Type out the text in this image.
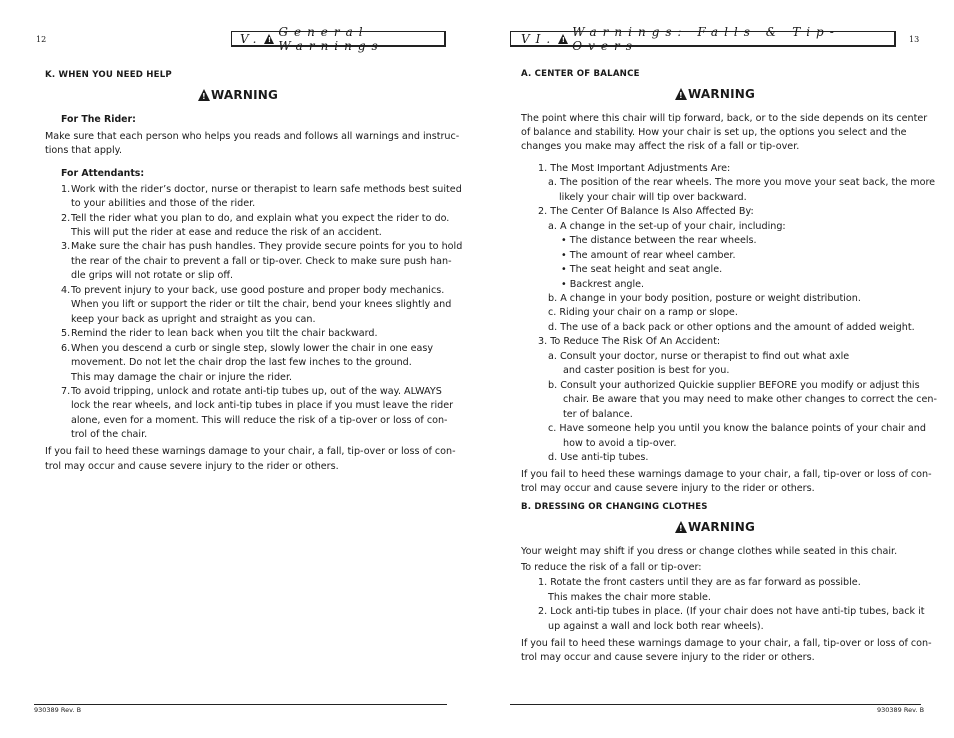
12	V. ! General Warnings
K. WHEN YOU NEED HELP
!
WARNING
For The Rider:
Make sure that each person who helps you reads and follows all warnings and instruc-
tions that apply.
For Attendants:
1. Work with the rider’s doctor, nurse or therapist to learn safe methods best suited
to your abilities and those of the rider.
2. Tell the rider what you plan to do, and explain what you expect the rider to do.
This will put the rider at ease and reduce the risk of an accident.
3. Make sure the chair has push handles. They provide secure points for you to hold
the rear of the chair to prevent a fall or tip-over. Check to make sure push han-
dle grips will not rotate or slip off.
4. To prevent injury to your back, use good posture and proper body mechanics.
When you lift or support the rider or tilt the chair, bend your knees slightly and
keep your back as upright and straight as you can.
5. Remind the rider to lean back when you tilt the chair backward.
6. When you descend a curb or single step, slowly lower the chair in one easy
movement. Do not let the chair drop the last few inches to the ground.
This may damage the chair or injure the rider.
7. To avoid tripping, unlock and rotate anti-tip tubes up, out of the way. ALWAYS
lock the rear wheels, and lock anti-tip tubes in place if you must leave the rider
alone, even for a moment. This will reduce the risk of a tip-over or loss of con-
trol of the chair.
If you fail to heed these warnings damage to your chair, a fall, tip-over or loss of con-
trol may occur and cause severe injury to the rider or others.
930389 Rev. B
VI. ! Warnings: Falls & Tip-Overs	13
A. CENTER OF BALANCE
!
WARNING
The point where this chair will tip forward, back, or to the side depends on its center
of balance and stability. How your chair is set up, the options you select and the
changes you make may affect the risk of a fall or tip-over.
1. The Most Important Adjustments Are:
a. The position of the rear wheels. The more you move your seat back, the more
likely your chair will tip over backward.
2. The Center Of Balance Is Also Affected By:
a. A change in the set-up of your chair, including:
• The distance between the rear wheels.
• The amount of rear wheel camber.
• The seat height and seat angle.
• Backrest angle.
b. A change in your body position, posture or weight distribution.
c. Riding your chair on a ramp or slope.
d. The use of a back pack or other options and the amount of added weight.
3. To Reduce The Risk Of An Accident:
a. Consult your doctor, nurse or therapist to find out what axle
and caster position is best for you.
b. Consult your authorized Quickie supplier BEFORE you modify or adjust this
chair. Be aware that you may need to make other changes to correct the cen-
ter of balance.
c. Have someone help you until you know the balance points of your chair and
how to avoid a tip-over.
d. Use anti-tip tubes.
If you fail to heed these warnings damage to your chair, a fall, tip-over or loss of con-
trol may occur and cause severe injury to the rider or others.
B. DRESSING OR CHANGING CLOTHES
!
WARNING
Your weight may shift if you dress or change clothes while seated in this chair.
To reduce the risk of a fall or tip-over:
1. Rotate the front casters until they are as far forward as possible.
This makes the chair more stable.
2. Lock anti-tip tubes in place. (If your chair does not have anti-tip tubes, back it
up against a wall and lock both rear wheels).
If you fail to heed these warnings damage to your chair, a fall, tip-over or loss of con-
trol may occur and cause severe injury to the rider or others.
930389 Rev. B
